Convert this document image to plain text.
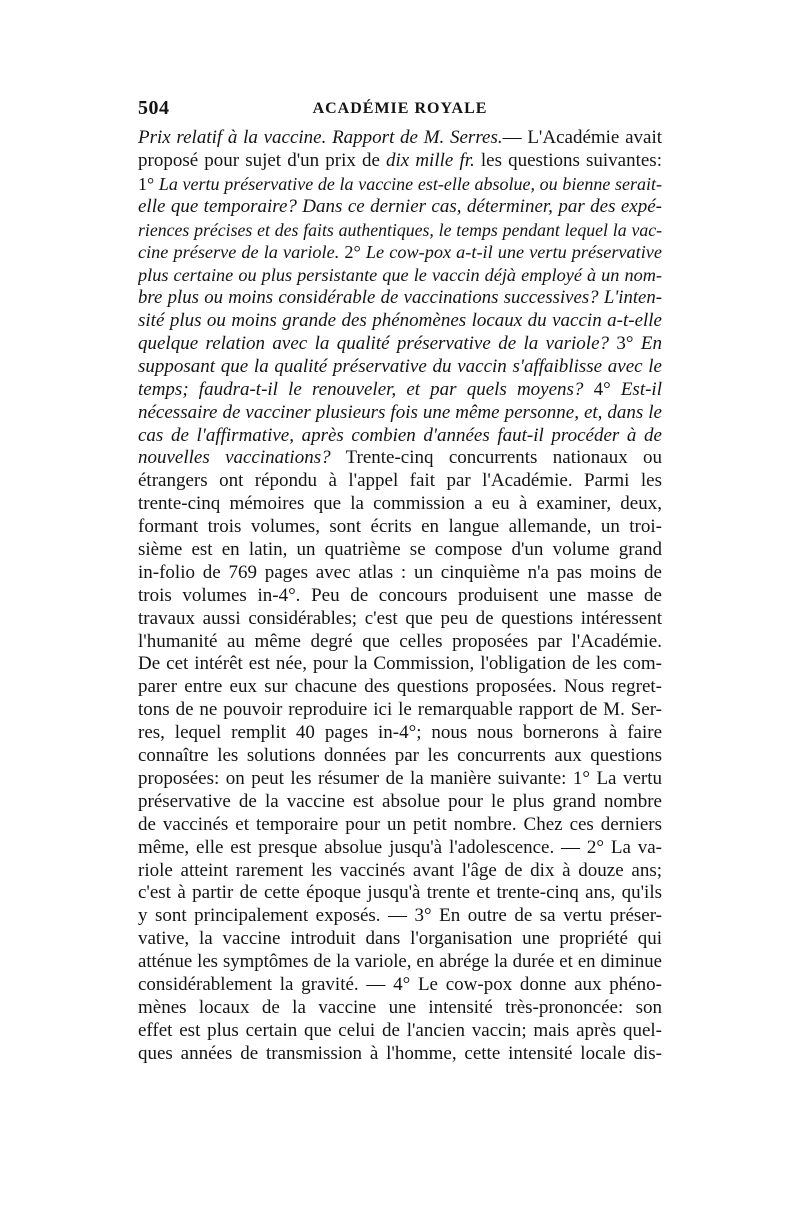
504	ACADÉMIE ROYALE
Prix relatif à la vaccine. Rapport de M. Serres.— L'Académie avait
proposé pour sujet d'un prix de dix mille fr. les questions suivantes:
1° La vertu préservative de la vaccine est-elle absolue, ou bienne serait-
elle que temporaire? Dans ce dernier cas, déterminer, par des expé-
riences précises et des faits authentiques, le temps pendant lequel la vac-
cine préserve de la variole. 2° Le cow-pox a-t-il une vertu préservative
plus certaine ou plus persistante que le vaccin déjà employé à un nom-
bre plus ou moins considérable de vaccinations successives? L'inten-
sité plus ou moins grande des phénomènes locaux du vaccin a-t-elle
quelque relation avec la qualité préservative de la variole? 3° En
supposant que la qualité préservative du vaccin s'affaiblisse avec le
temps; faudra-t-il le renouveler, et par quels moyens? 4° Est-il
nécessaire de vacciner plusieurs fois une même personne, et, dans le
cas de l'affirmative, après combien d'années faut-il procéder à de
nouvelles vaccinations? Trente-cinq concurrents nationaux ou
étrangers ont répondu à l'appel fait par l'Académie. Parmi les
trente-cinq mémoires que la commission a eu à examiner, deux,
formant trois volumes, sont écrits en langue allemande, un troi-
sième est en latin, un quatrième se compose d'un volume grand
in-folio de 769 pages avec atlas : un cinquième n'a pas moins de
trois volumes in-4°. Peu de concours produisent une masse de
travaux aussi considérables; c'est que peu de questions intéressent
l'humanité au même degré que celles proposées par l'Académie.
De cet intérêt est née, pour la Commission, l'obligation de les com-
parer entre eux sur chacune des questions proposées. Nous regret-
tons de ne pouvoir reproduire ici le remarquable rapport de M. Ser-
res, lequel remplit 40 pages in-4°; nous nous bornerons à faire
connaître les solutions données par les concurrents aux questions
proposées: on peut les résumer de la manière suivante: 1° La vertu
préservative de la vaccine est absolue pour le plus grand nombre
de vaccinés et temporaire pour un petit nombre. Chez ces derniers
même, elle est presque absolue jusqu'à l'adolescence. — 2° La va-
riole atteint rarement les vaccinés avant l'âge de dix à douze ans;
c'est à partir de cette époque jusqu'à trente et trente-cinq ans, qu'ils
y sont principalement exposés. — 3° En outre de sa vertu préser-
vative, la vaccine introduit dans l'organisation une propriété qui
atténue les symptômes de la variole, en abrége la durée et en diminue
considérablement la gravité. — 4° Le cow-pox donne aux phéno-
mènes locaux de la vaccine une intensité très-prononcée: son
effet est plus certain que celui de l'ancien vaccin; mais après quel-
ques années de transmission à l'homme, cette intensité locale dis-
